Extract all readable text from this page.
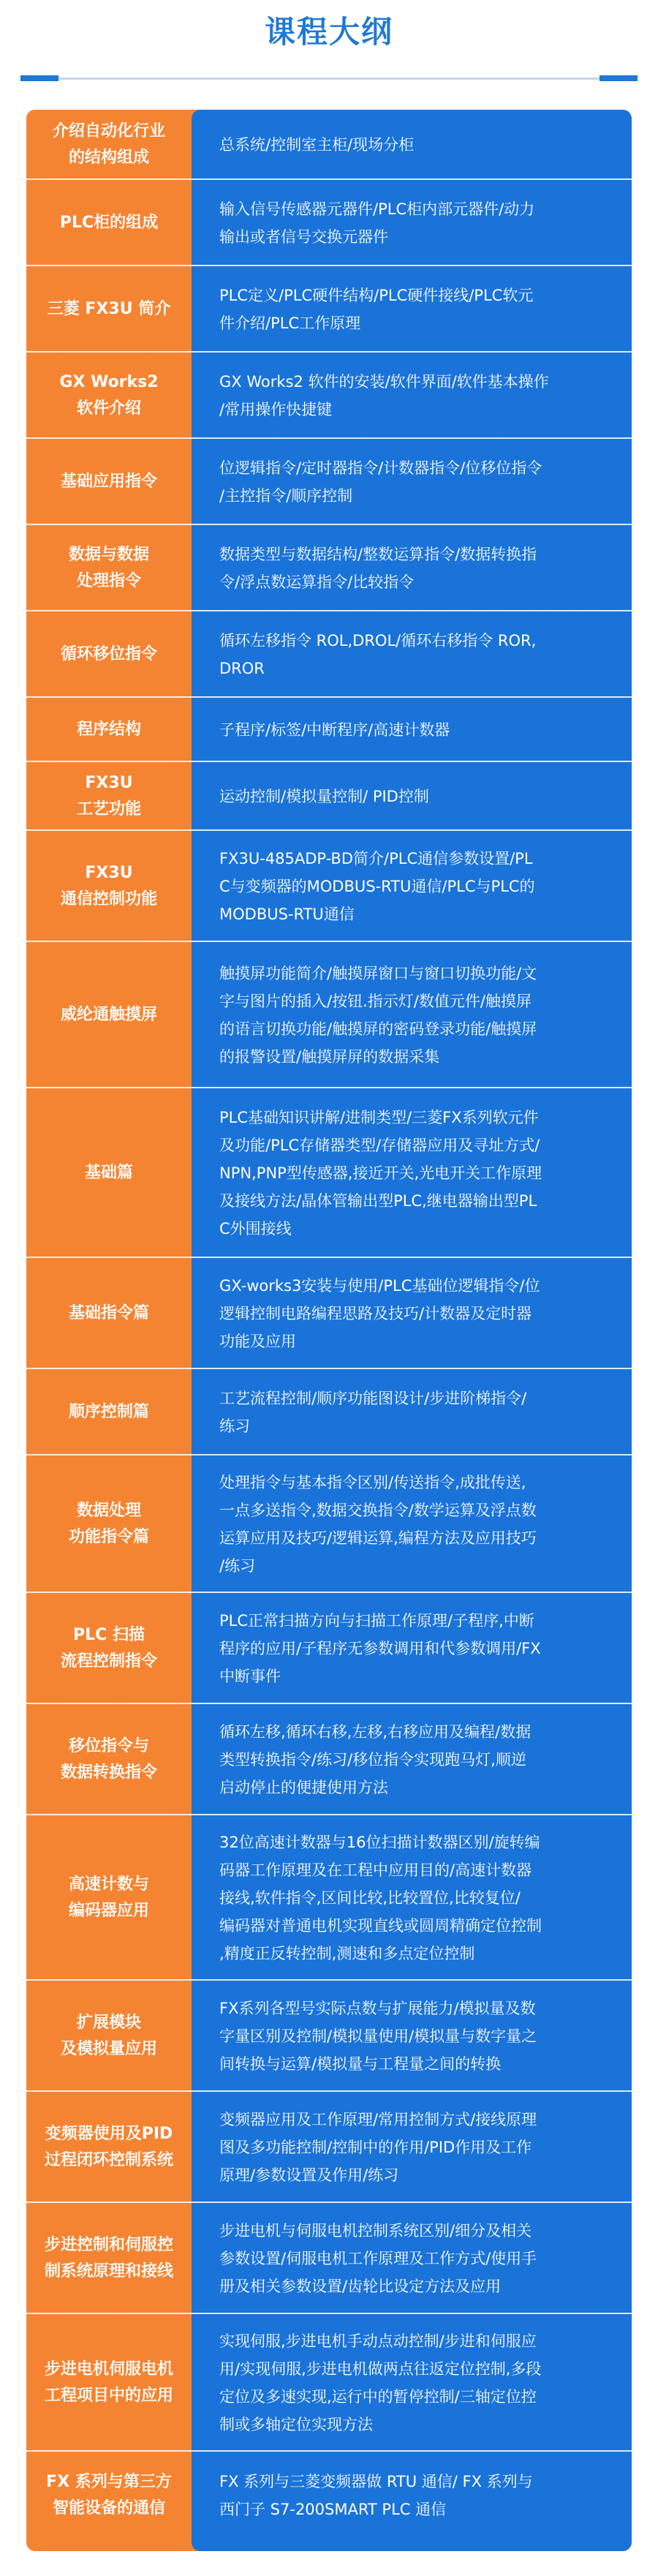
课程大纲
介绍自动化行业
的结构组成
总系统/控制室主柜/现场分柜
PLC柜的组成
输入信号传感器元器件/PLC柜内部元器件/动力
输出或者信号交换元器件
三菱 FX3U 简介
PLC定义/PLC硬件结构/PLC硬件接线/PLC软元
件介绍/PLC工作原理
GX Works2
软件介绍
GX Works2 软件的安装/软件界面/软件基本操作
/常用操作快捷键
基础应用指令
位逻辑指令/定时器指令/计数器指令/位移位指令
/主控指令/顺序控制
数据与数据
处理指令
数据类型与数据结构/整数运算指令/数据转换指
令/浮点数运算指令/比较指令
循环移位指令
循环左移指令 ROL,DROL/循环右移指令 ROR,
DROR
程序结构	子程序/标签/中断程序/高速计数器
FX3U
工艺功能
运动控制/模拟量控制/ PID控制
FX3U
通信控制功能
FX3U-485ADP-BD简介/PLC通信参数设置/PL
C与变频器的MODBUS-RTU通信/PLC与PLC的
MODBUS-RTU通信
威纶通触摸屏
触摸屏功能简介/触摸屏窗口与窗口切换功能/文
字与图片的插入/按钮.指示灯/数值元件/触摸屏
的语言切换功能/触摸屏的密码登录功能/触摸屏
的报警设置/触摸屏屏的数据采集
基础篇
PLC基础知识讲解/进制类型/三菱FX系列软元件
及功能/PLC存储器类型/存储器应用及寻址方式/
NPN,PNP型传感器,接近开关,光电开关工作原理
及接线方法/晶体管输出型PLC,继电器输出型PL
C外围接线
基础指令篇
GX-works3安装与使用/PLC基础位逻辑指令/位
逻辑控制电路编程思路及技巧/计数器及定时器
功能及应用
顺序控制篇
工艺流程控制/顺序功能图设计/步进阶梯指令/
练习
数据处理
功能指令篇
处理指令与基本指令区别/传送指令,成批传送,
一点多送指令,数据交换指令/数学运算及浮点数
运算应用及技巧/逻辑运算,编程方法及应用技巧
/练习
PLC 扫描
流程控制指令
PLC正常扫描方向与扫描工作原理/子程序,中断
程序的应用/子程序无参数调用和代参数调用/FX
中断事件
移位指令与
数据转换指令
循环左移,循环右移,左移,右移应用及编程/数据
类型转换指令/练习/移位指令实现跑马灯,顺逆
启动停止的便捷使用方法
高速计数与
编码器应用
32位高速计数器与16位扫描计数器区别/旋转编
码器工作原理及在工程中应用目的/高速计数器
接线,软件指令,区间比较,比较置位,比较复位/
编码器对普通电机实现直线或圆周精确定位控制
,精度正反转控制,测速和多点定位控制
扩展模块
及模拟量应用
FX系列各型号实际点数与扩展能力/模拟量及数
字量区别及控制/模拟量使用/模拟量与数字量之
间转换与运算/模拟量与工程量之间的转换
变频器使用及PID
过程闭环控制系统
变频器应用及工作原理/常用控制方式/接线原理
图及多功能控制/控制中的作用/PID作用及工作
原理/参数设置及作用/练习
步进控制和伺服控
制系统原理和接线
步进电机与伺服电机控制系统区别/细分及相关
参数设置/伺服电机工作原理及工作方式/使用手
册及相关参数设置/齿轮比设定方法及应用
步进电机伺服电机
工程项目中的应用
实现伺服,步进电机手动点动控制/步进和伺服应
用/实现伺服,步进电机做两点往返定位控制,多段
定位及多速实现,运行中的暂停控制/三轴定位控
制或多轴定位实现方法
FX 系列与第三方
智能设备的通信
FX 系列与三菱变频器做 RTU 通信/ FX 系列与
西门子 S7-200SMART PLC 通信
